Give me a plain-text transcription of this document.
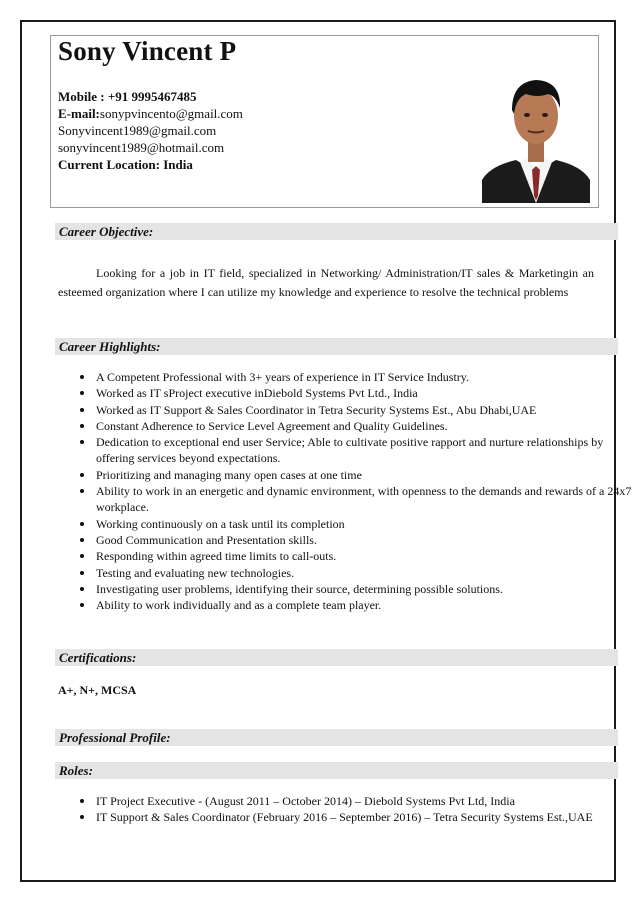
Sony Vincent P
Mobile : +91 9995467485
E-mail:sonypvincento@gmail.com
Sonyvincent1989@gmail.com
sonyvincent1989@hotmail.com
Current Location: India
Career Objective:
Looking for a job in IT field, specialized in Networking/ Administration/IT sales & Marketingin an esteemed organization where I can utilize my knowledge and experience to resolve the technical problems
Career Highlights:
A Competent Professional with 3+ years of experience in IT Service Industry.
Worked as IT sProject executive inDiebold Systems Pvt Ltd., India
Worked as IT Support & Sales Coordinator in Tetra Security Systems Est., Abu Dhabi,UAE
Constant Adherence to Service Level Agreement and Quality Guidelines.
Dedication to exceptional end user Service; Able to cultivate positive rapport and nurture relationships by offering services beyond expectations.
Prioritizing and managing many open cases at one time
Ability to work in an energetic and dynamic environment, with openness to the demands and rewards of a 24x7 workplace.
Working continuously on a task until its completion
Good Communication and Presentation skills.
Responding within agreed time limits to call-outs.
Testing and evaluating new technologies.
Investigating user problems, identifying their source, determining possible solutions.
Ability to work individually and as a complete team player.
Certifications:
A+, N+, MCSA
Professional Profile:
Roles:
IT Project Executive - (August 2011 – October 2014) – Diebold Systems Pvt Ltd, India
IT Support & Sales Coordinator (February 2016 – September 2016) – Tetra Security Systems Est.,UAE
